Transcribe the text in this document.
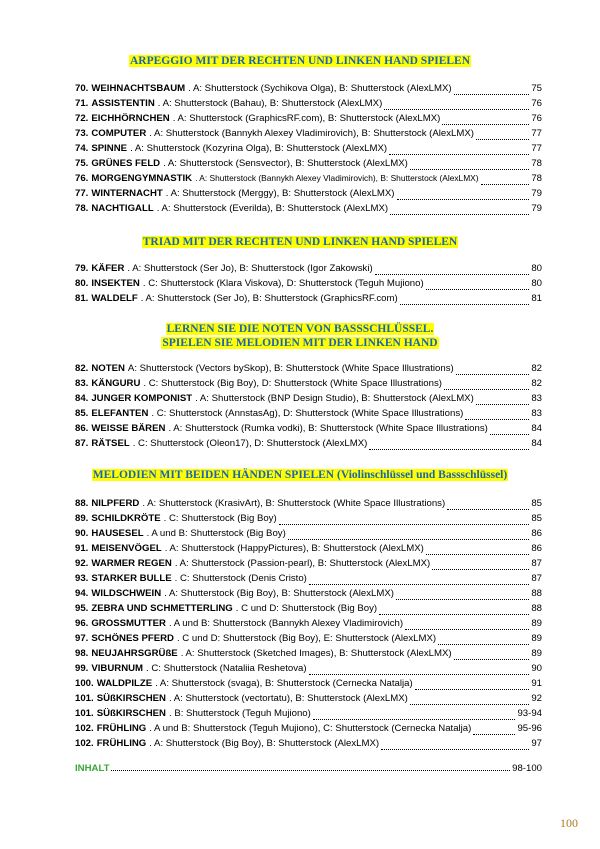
ARPEGGIO MIT DER RECHTEN UND LINKEN HAND SPIELEN
TRIAD MIT DER RECHTEN UND LINKEN HAND SPIELEN
LERNEN SIE DIE NOTEN VON BASSSCHLÜSSEL.
SPIELEN SIE MELODIEN MIT DER LINKEN HAND
MELODIEN MIT BEIDEN HÄNDEN SPIELEN (Violinschlüssel und Bassschlüssel)
70. WEIHNACHTSBAUM . A: Shutterstock (Sychikova Olga), B: Shutterstock (AlexLMX)	75
71. ASSISTENTIN . A: Shutterstock (Bahau), B: Shutterstock (AlexLMX)	76
72. EICHHÖRNCHEN . A: Shutterstock (GraphicsRF.com), B: Shutterstock (AlexLMX)	76
73. COMPUTER . A: Shutterstock (Bannykh Alexey Vladimirovich), B: Shutterstock (AlexLMX)	77
74. SPINNE . A: Shutterstock (Kozyrina Olga), B: Shutterstock (AlexLMX)	77
75. GRÜNES FELD . A: Shutterstock (Sensvector), B: Shutterstock (AlexLMX)	78
76. MORGENGYMNASTIK . A: Shutterstock (Bannykh Alexey Vladimirovich), B: Shutterstock (AlexLMX)	78
77. WINTERNACHT . A: Shutterstock (Merggy), B: Shutterstock (AlexLMX)	79
78. NACHTIGALL . A: Shutterstock (Everilda), B: Shutterstock (AlexLMX)	79
79. KÄFER . A: Shutterstock (Ser Jo), B: Shutterstock (Igor Zakowski)	80
80. INSEKTEN . C: Shutterstock (Klara Viskova), D: Shutterstock (Teguh Mujiono)	80
81. WALDELF . A: Shutterstock (Ser Jo), B: Shutterstock (GraphicsRF.com)	81
82. NOTEN A: Shutterstock (Vectors bySkop), B: Shutterstock (White Space Illustrations)	82
83. KÄNGURU . C: Shutterstock (Big Boy), D: Shutterstock (White Space Illustrations)	82
84. JUNGER KOMPONIST . A: Shutterstock (BNP Design Studio), B: Shutterstock (AlexLMX)	83
85. ELEFANTEN . C: Shutterstock (AnnstasAg), D: Shutterstock (White Space Illustrations)	83
86. WEISSE BÄREN . A: Shutterstock (Rumka vodki), B: Shutterstock (White Space Illustrations)	84
87. RÄTSEL . C: Shutterstock (Oleon17), D: Shutterstock (AlexLMX)	84
88. NILPFERD . A: Shutterstock (KrasivArt), B: Shutterstock (White Space Illustrations)	85
89. SCHILDKRÖTE . C: Shutterstock (Big Boy)	85
90. HAUSESEL . A und B: Shutterstock (Big Boy)	86
91. MEISENVÖGEL . A: Shutterstock (HappyPictures), B: Shutterstock (AlexLMX)	86
92. WARMER REGEN . A: Shutterstock (Passion-pearl), B: Shutterstock (AlexLMX)	87
93. STARKER BULLE . C: Shutterstock (Denis Cristo)	87
94. WILDSCHWEIN . A: Shutterstock (Big Boy), B: Shutterstock (AlexLMX)	88
95. ZEBRA UND SCHMETTERLING . C und D: Shutterstock (Big Boy)	88
96. GROSSMUTTER . A und B: Shutterstock (Bannykh Alexey Vladimirovich)	89
97. SCHÖNES PFERD . C und D: Shutterstock (Big Boy), E: Shutterstock (AlexLMX)	89
98. NEUJAHRSGRÜßE . A: Shutterstock (Sketched Images), B: Shutterstock (AlexLMX)	89
99. VIBURNUM . C: Shutterstock (Nataliia Reshetova)	90
100. WALDPILZE . A: Shutterstock (svaga), B: Shutterstock (Cernecka Natalja)	91
101. SÜßKIRSCHEN . A: Shutterstock (vectortatu), B: Shutterstock (AlexLMX)	92
101. SÜßKIRSCHEN . B: Shutterstock (Teguh Mujiono)	93-94
102. FRÜHLING . A und B: Shutterstock (Teguh Mujiono), C: Shutterstock (Cernecka Natalja)	95-96
102. FRÜHLING . A: Shutterstock (Big Boy), B: Shutterstock (AlexLMX)	97
INHALT	98-100
100
